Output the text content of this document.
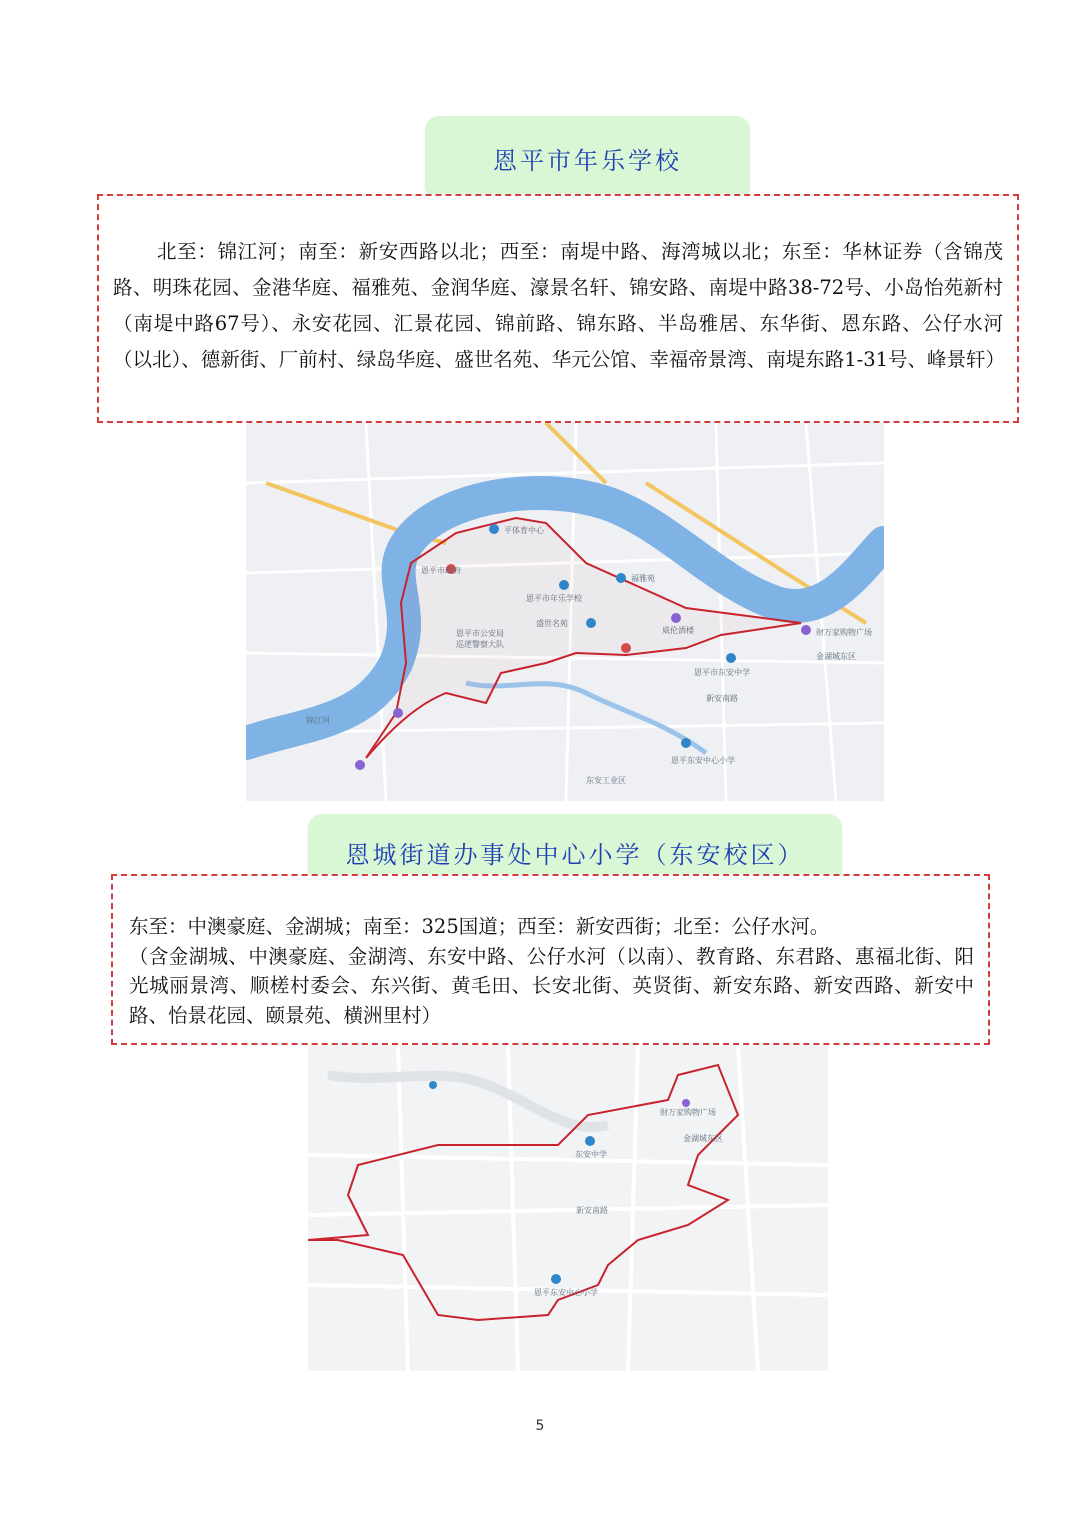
恩平市年乐学校

北至：锦江河；南至：新安西路以北；西至：南堤中路、海湾城以北；东至：华林证券（含锦茂路、明珠花园、金港华庭、福雅苑、金润华庭、濠景名轩、锦安路、南堤中路38-72号、小岛怡苑新村（南堤中路67号）、永安花园、汇景花园、锦前路、锦东路、半岛雅居、东华街、恩东路、公仔水河（以北）、德新街、厂前村、绿岛华庭、盛世名苑、华元公馆、幸福帝景湾、南堤东路1-31号、峰景轩）

平体育中心
恩平市年乐学校
福雅苑
盛世名苑
威伦酒楼
恩平市公安局
巡逻警察大队
恩平市东安中学
新安南路
东安工业区
恩平东安中心小学
财万家购物广场
金湖城东区
锦江河
恩平市政府
恩城街道办事处中心小学（东安校区）

东至：中澳豪庭、金湖城；南至：325国道；西至：新安西街；北至：公仔水河。

（含金湖城、中澳豪庭、金湖湾、东安中路、公仔水河（以南）、教育路、东君路、惠福北街、阳光城丽景湾、顺槎村委会、东兴街、黄毛田、长安北街、英贤街、新安东路、新安西路、新安中路、怡景花园、颐景苑、横洲里村）

财万家购物广场
东安中学
金湖城东区
新安南路
恩平东安中心小学
5
